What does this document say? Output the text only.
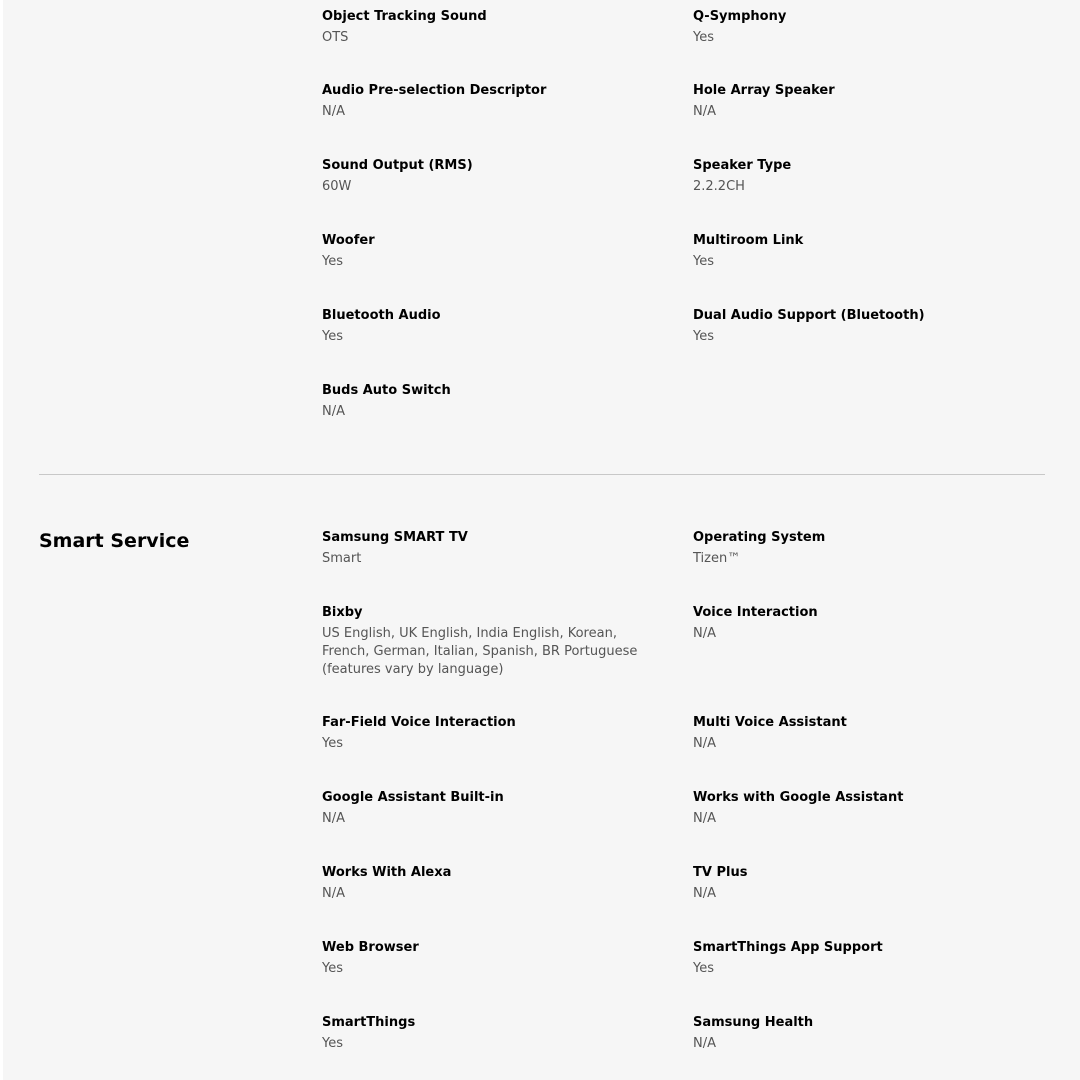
Object Tracking Sound
OTS
Q-Symphony
Yes
Audio Pre-selection Descriptor
N/A
Hole Array Speaker
N/A
Sound Output (RMS)
60W
Speaker Type
2.2.2CH
Woofer
Yes
Multiroom Link
Yes
Bluetooth Audio
Yes
Dual Audio Support (Bluetooth)
Yes
Buds Auto Switch
N/A
Smart Service	Samsung SMART TV
Smart
Operating System
Tizen™
Bixby
US English, UK English, India English, Korean, French, German, Italian, Spanish, BR Portuguese (features vary by language)
Voice Interaction
N/A
Far-Field Voice Interaction
Yes
Multi Voice Assistant
N/A
Google Assistant Built-in
N/A
Works with Google Assistant
N/A
Works With Alexa
N/A
TV Plus
N/A
Web Browser
Yes
SmartThings App Support
Yes
SmartThings
Yes
Samsung Health
N/A
